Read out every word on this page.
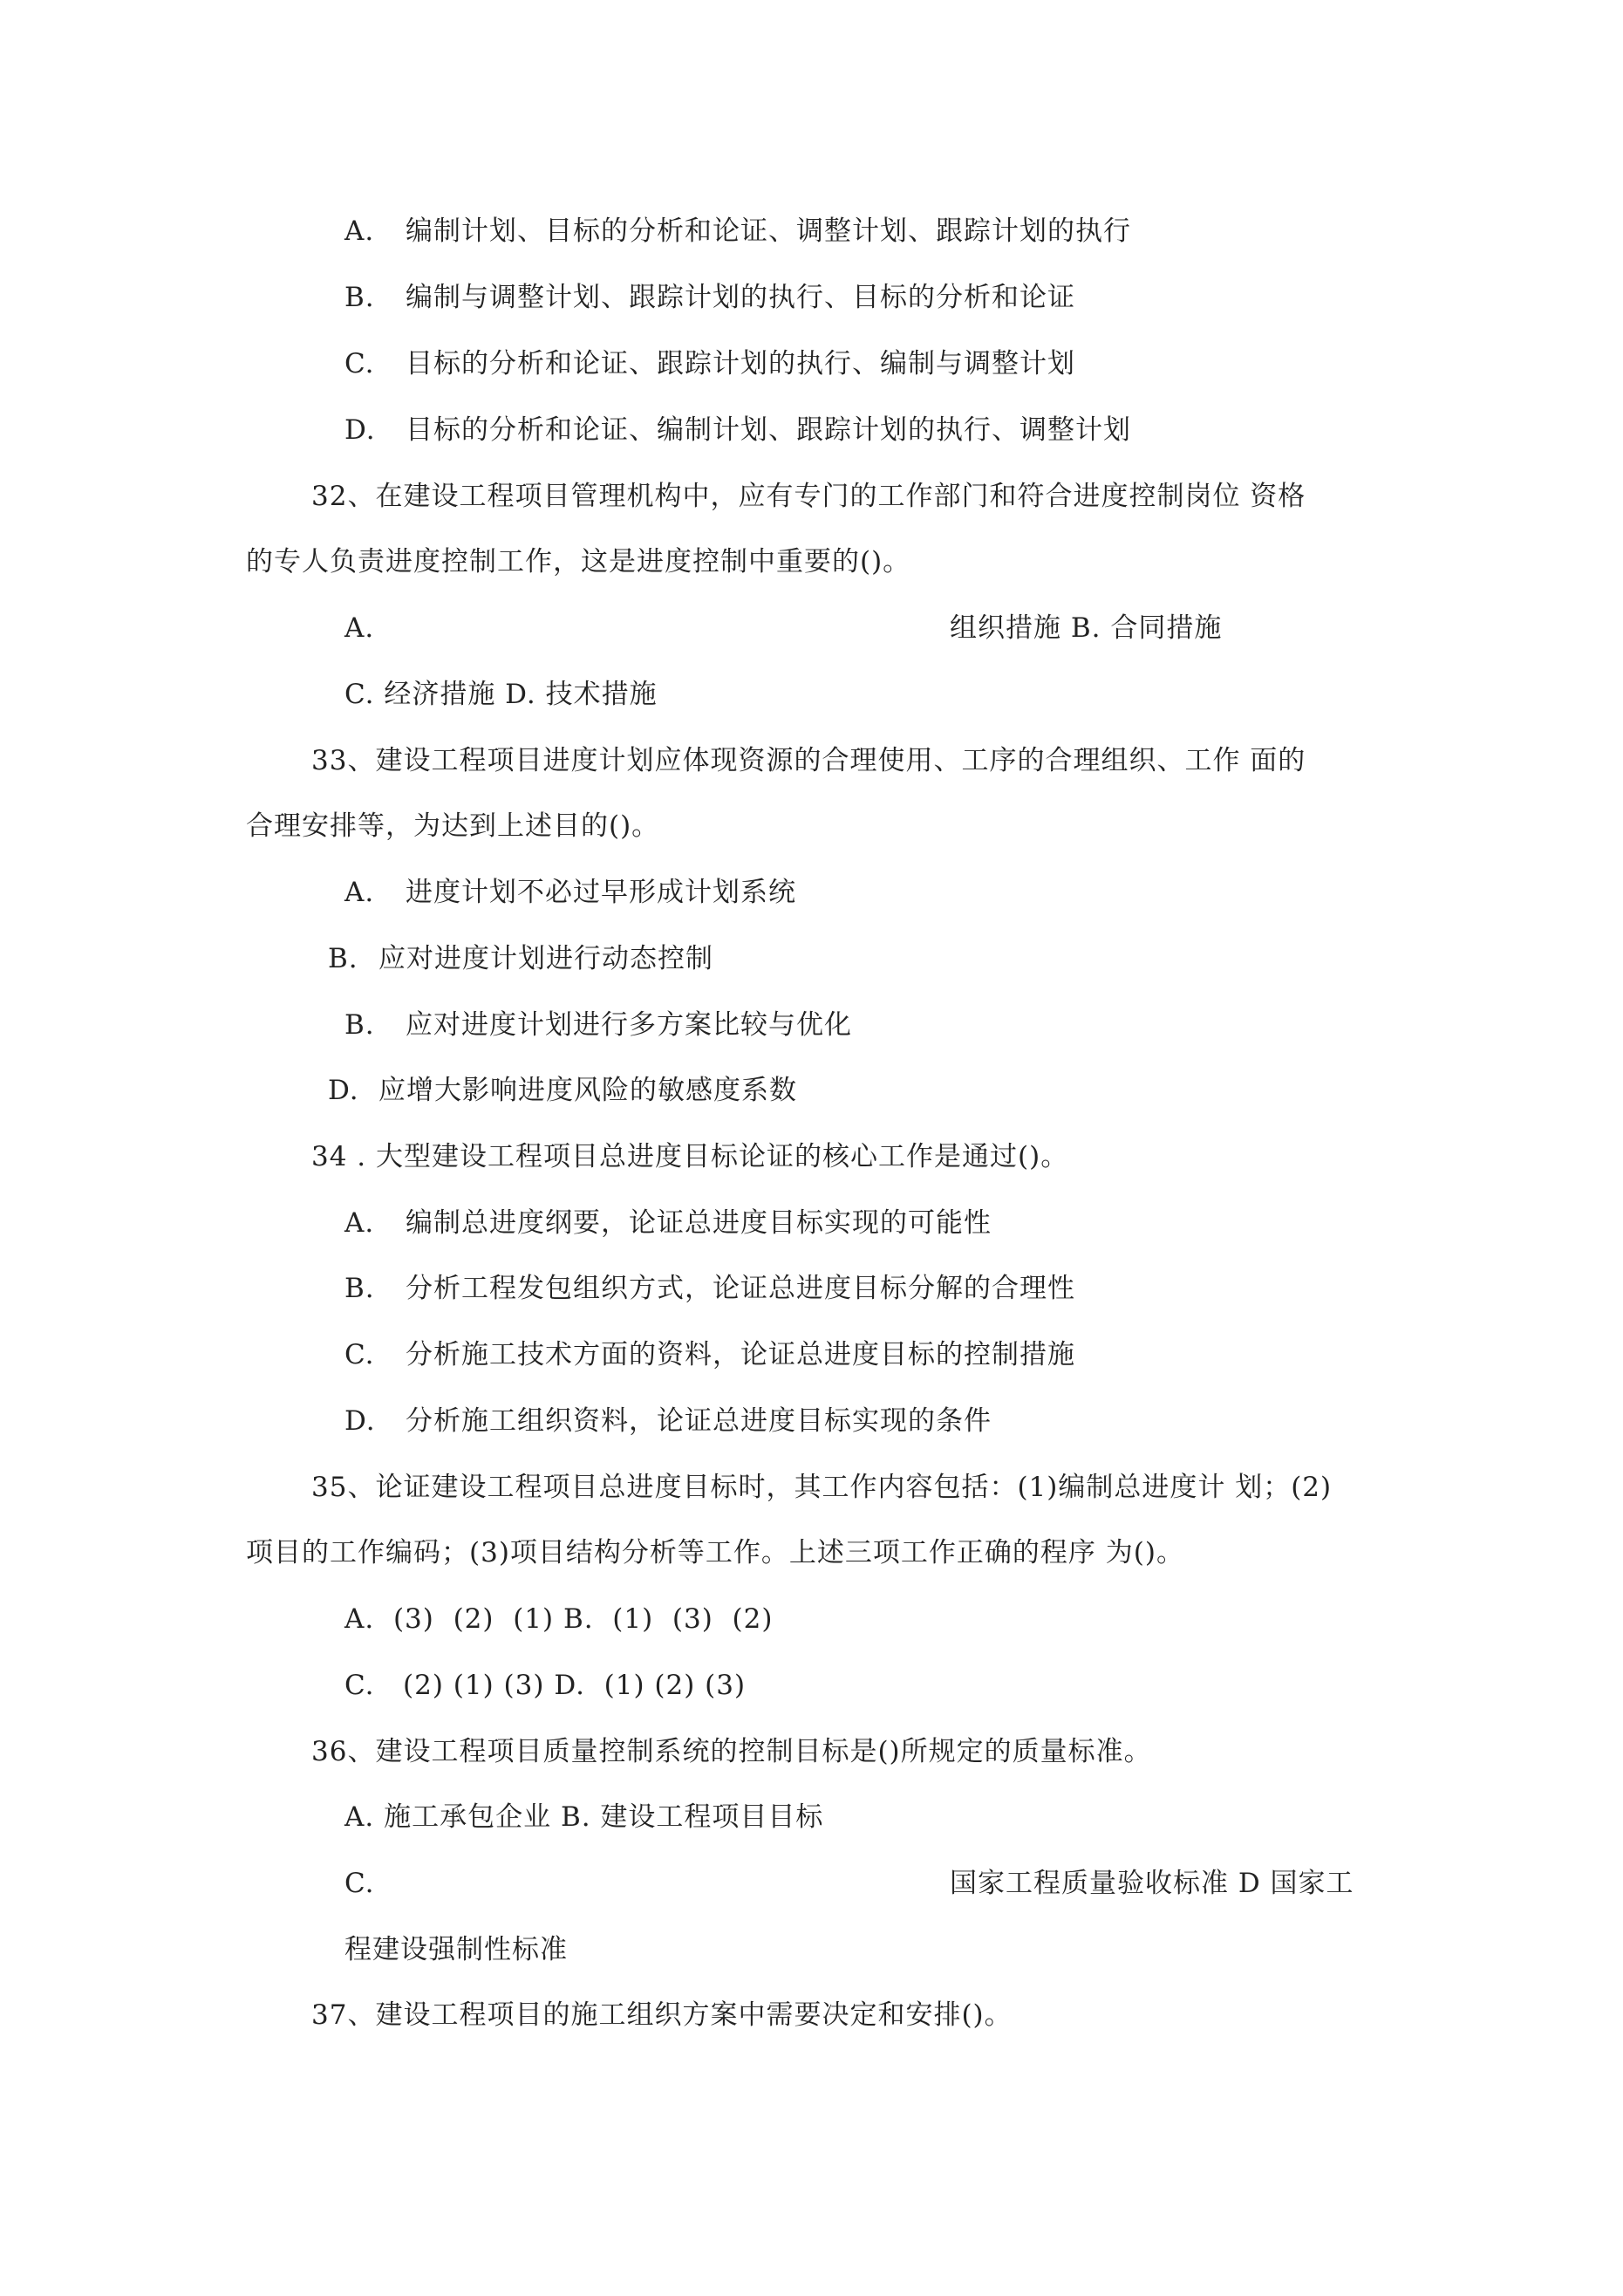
A. 编制计划、目标的分析和论证、调整计划、跟踪计划的执行
B. 编制与调整计划、跟踪计划的执行、目标的分析和论证
C. 目标的分析和论证、跟踪计划的执行、编制与调整计划
D. 目标的分析和论证、编制计划、跟踪计划的执行、调整计划
32、在建设工程项目管理机构中，应有专门的工作部门和符合进度控制岗位 资格
的专人负责进度控制工作，这是进度控制中重要的()。
A.	组织措施 B. 合同措施
C. 经济措施 D. 技术措施
33、建设工程项目进度计划应体现资源的合理使用、工序的合理组织、工作 面的
合理安排等，为达到上述目的()。
A. 进度计划不必过早形成计划系统
B. 应对进度计划进行动态控制
B. 应对进度计划进行多方案比较与优化
D. 应增大影响进度风险的敏感度系数
34 . 大型建设工程项目总进度目标论证的核心工作是通过()。
A. 编制总进度纲要，论证总进度目标实现的可能性
B. 分析工程发包组织方式，论证总进度目标分解的合理性
C. 分析施工技术方面的资料，论证总进度目标的控制措施
D. 分析施工组织资料，论证总进度目标实现的条件
35、论证建设工程项目总进度目标时，其工作内容包括：(1)编制总进度计 划；(2)
项目的工作编码；(3)项目结构分析等工作。上述三项工作正确的程序 为()。
A.  (3)  (2)  (1) B.  (1)  (3)  (2)
C.   (2) (1) (3) D.  (1) (2) (3)
36、建设工程项目质量控制系统的控制目标是()所规定的质量标准。
A. 施工承包企业 B. 建设工程项目目标
C.	国家工程质量验收标准 D 国家工
程建设强制性标准
37、建设工程项目的施工组织方案中需要决定和安排()。
